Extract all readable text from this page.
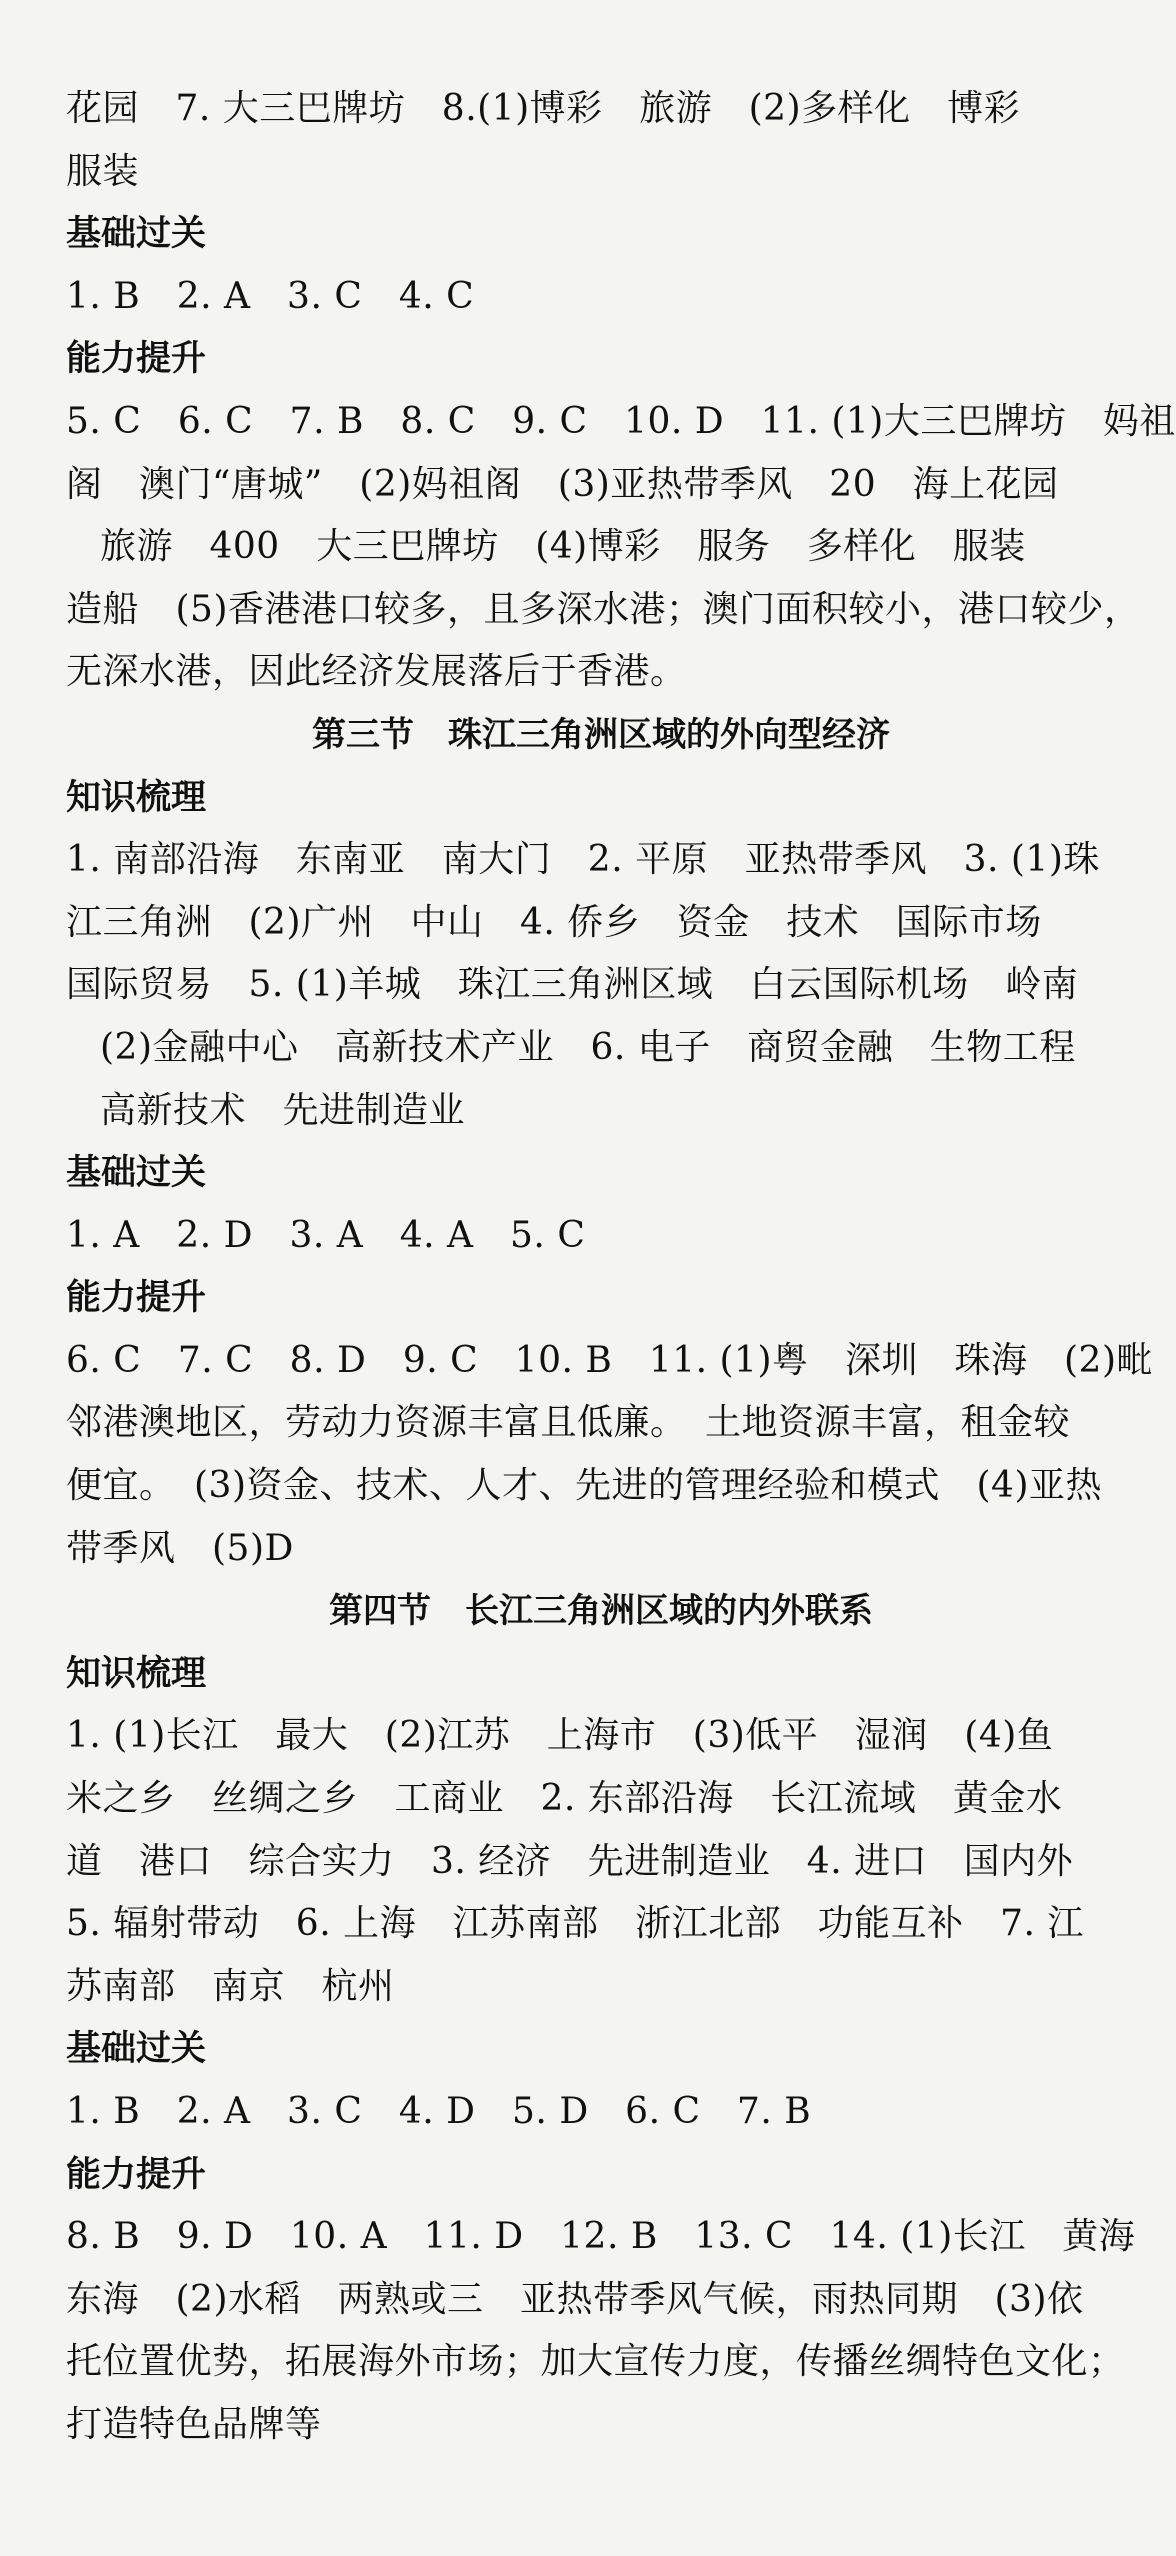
花园　7. 大三巴牌坊　8.(1)博彩　旅游　(2)多样化　博彩
服装
基础过关
1. B　2. A　3. C　4. C
能力提升
5. C　6. C　7. B　8. C　9. C　10. D　11. (1)大三巴牌坊　妈祖
阁　澳门“唐城”　(2)妈祖阁　(3)亚热带季风　20　海上花园
旅游　400　大三巴牌坊　(4)博彩　服务　多样化　服装
造船　(5)香港港口较多，且多深水港；澳门面积较小，港口较少，
无深水港，因此经济发展落后于香港。
第三节　珠江三角洲区域的外向型经济
知识梳理
1. 南部沿海　东南亚　南大门　2. 平原　亚热带季风　3. (1)珠
江三角洲　(2)广州　中山　4. 侨乡　资金　技术　国际市场
国际贸易　5. (1)羊城　珠江三角洲区域　白云国际机场　岭南
(2)金融中心　高新技术产业　6. 电子　商贸金融　生物工程
高新技术　先进制造业
基础过关
1. A　2. D　3. A　4. A　5. C
能力提升
6. C　7. C　8. D　9. C　10. B　11. (1)粤　深圳　珠海　(2)毗
邻港澳地区，劳动力资源丰富且低廉。　土地资源丰富，租金较
便宜。　(3)资金、技术、人才、先进的管理经验和模式　(4)亚热
带季风　(5)D
第四节　长江三角洲区域的内外联系
知识梳理
1. (1)长江　最大　(2)江苏　上海市　(3)低平　湿润　(4)鱼
米之乡　丝绸之乡　工商业　2. 东部沿海　长江流域　黄金水
道　港口　综合实力　3. 经济　先进制造业　4. 进口　国内外
5. 辐射带动　6. 上海　江苏南部　浙江北部　功能互补　7. 江
苏南部　南京　杭州
基础过关
1. B　2. A　3. C　4. D　5. D　6. C　7. B
能力提升
8. B　9. D　10. A　11. D　12. B　13. C　14. (1)长江　黄海
东海　(2)水稻　两熟或三　亚热带季风气候，雨热同期　(3)依
托位置优势，拓展海外市场；加大宣传力度，传播丝绸特色文化；
打造特色品牌等
